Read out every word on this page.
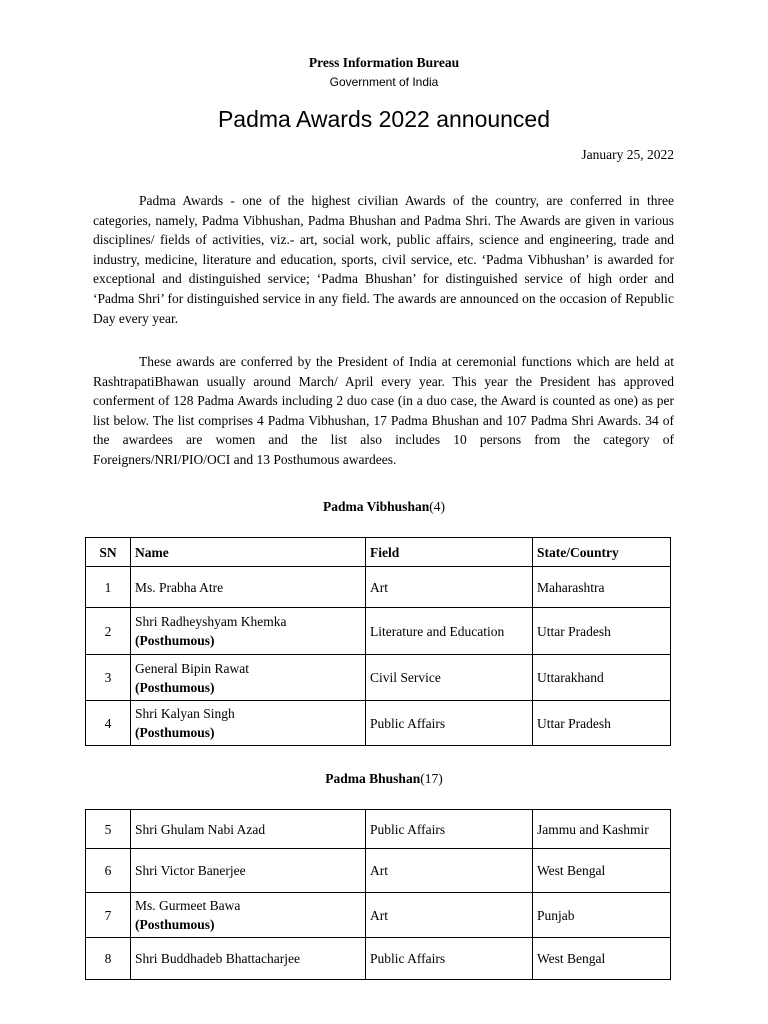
Press Information Bureau
Government of India
Padma Awards 2022 announced
January 25, 2022

Padma Awards - one of the highest civilian Awards of the country, are conferred in three categories, namely, Padma Vibhushan, Padma Bhushan and Padma Shri. The Awards are given in various disciplines/ fields of activities, viz.- art, social work, public affairs, science and engineering, trade and industry, medicine, literature and education, sports, civil service, etc. ‘Padma Vibhushan’ is awarded for exceptional and distinguished service; ‘Padma Bhushan’ for distinguished service of high order and ‘Padma Shri’ for distinguished service in any field. The awards are announced on the occasion of Republic Day every year.

These awards are conferred by the President of India at ceremonial functions which are held at RashtrapatiBhawan usually around March/ April every year. This year the President has approved conferment of 128 Padma Awards including 2 duo case (in a duo case, the Award is counted as one) as per list below. The list comprises 4 Padma Vibhushan, 17 Padma Bhushan and 107 Padma Shri Awards. 34 of the awardees are women and the list also includes 10 persons from the category of Foreigners/NRI/PIO/OCI and 13 Posthumous awardees.

Padma Vibhushan(4)
SN	Name	Field	State/Country
1	Ms. Prabha Atre	Art	Maharashtra
2	Shri Radheyshyam Khemka
(Posthumous)	Literature and Education	Uttar Pradesh
3	General Bipin Rawat
(Posthumous)	Civil Service	Uttarakhand
4	Shri Kalyan Singh
(Posthumous)	Public Affairs	Uttar Pradesh
Padma Bhushan(17)
5	Shri Ghulam Nabi Azad	Public Affairs	Jammu and Kashmir
6	Shri Victor Banerjee	Art	West Bengal
7	Ms. Gurmeet Bawa
(Posthumous)	Art	Punjab
8	Shri Buddhadeb Bhattacharjee	Public Affairs	West Bengal
